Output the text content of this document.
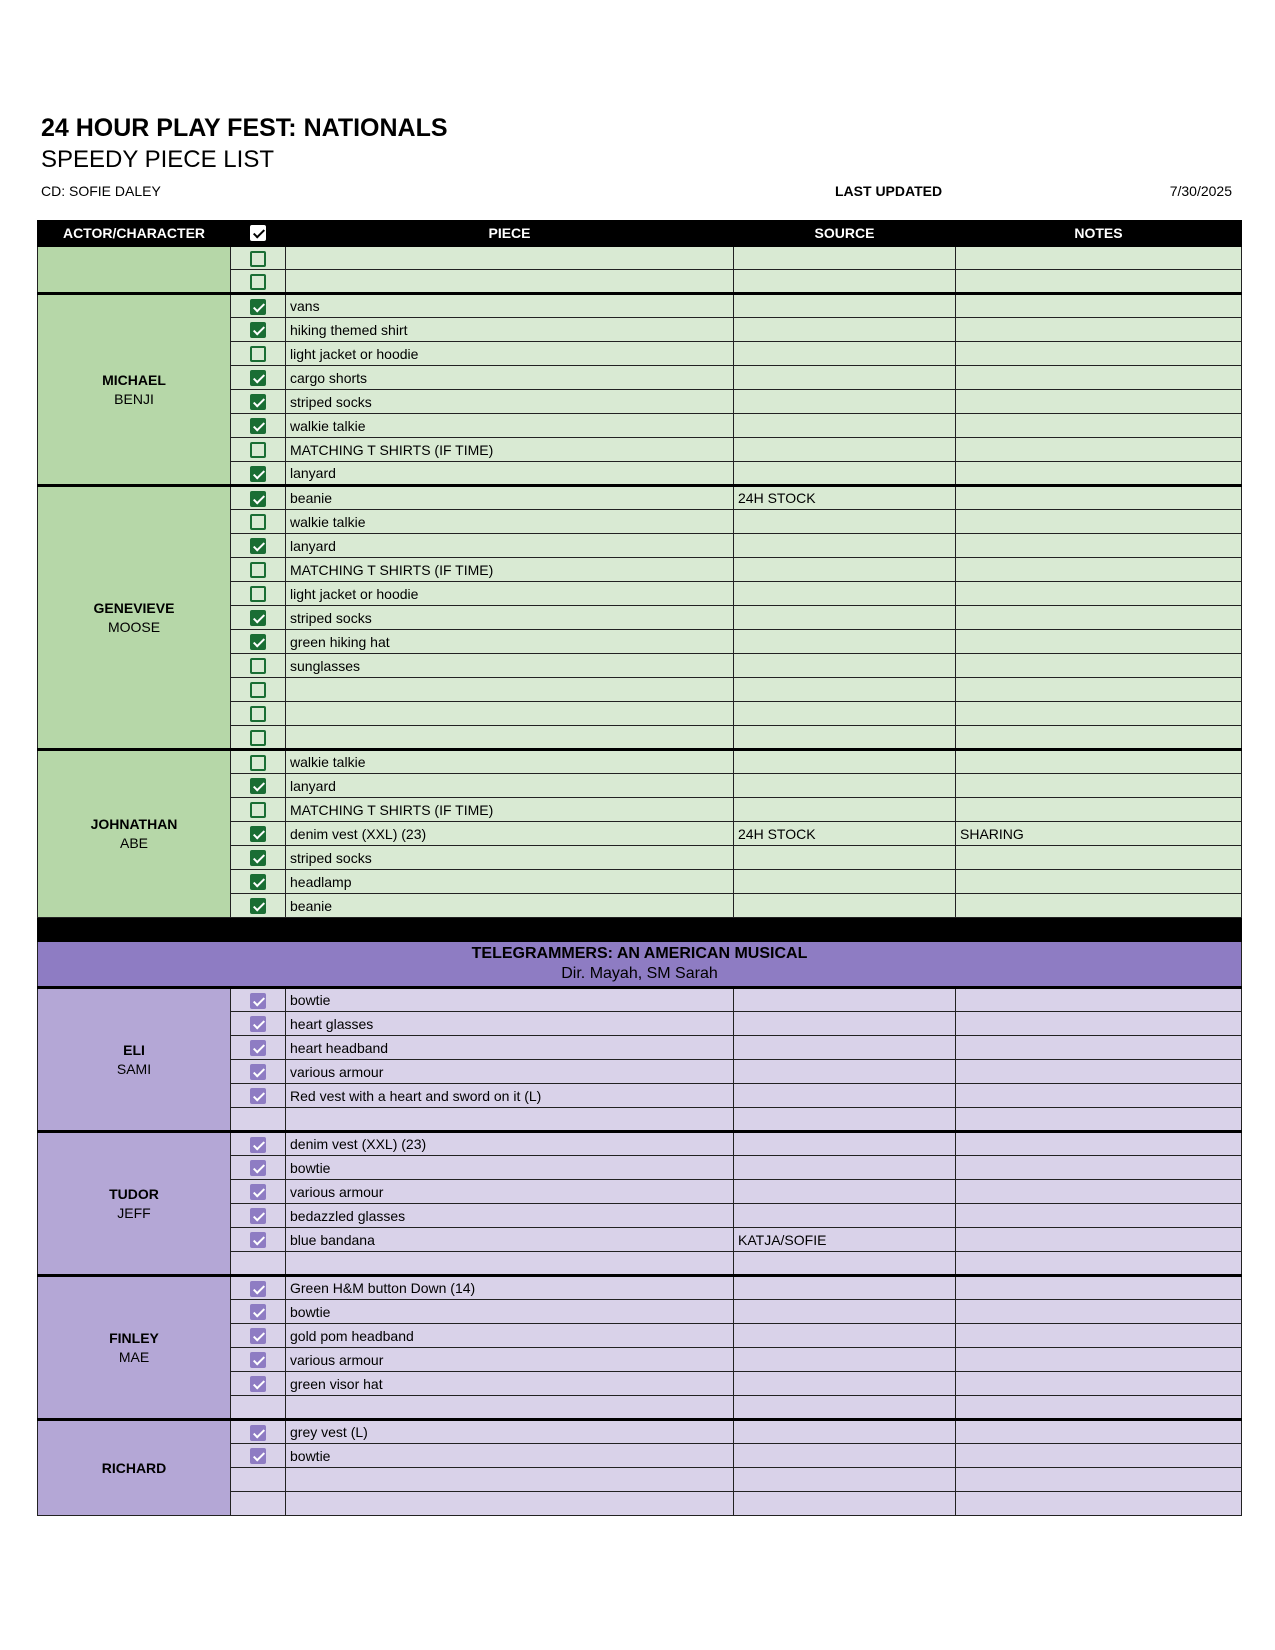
24 HOUR PLAY FEST: NATIONALS
SPEEDY PIECE LIST
CD: SOFIE DALEY	LAST UPDATED	7/30/2025
ACTOR/CHARACTER		PIECE	SOURCE	NOTES

MICHAEL
BENJI		vans		
		hiking themed shirt		
		light jacket or hoodie		
		cargo shorts		
		striped socks		
		walkie talkie		
		MATCHING T SHIRTS (IF TIME)		
		lanyard		

GENEVIEVE
MOOSE		beanie	24H STOCK	
		walkie talkie		
		lanyard		
		MATCHING T SHIRTS (IF TIME)		
		light jacket or hoodie		
		striped socks		
		green hiking hat		
		sunglasses		

JOHNATHAN
ABE		walkie talkie		
		lanyard		
		MATCHING T SHIRTS (IF TIME)		
		denim vest (XXL) (23)	24H STOCK	SHARING
		striped socks		
		headlamp		
		beanie		

TELEGRAMMERS: AN AMERICAN MUSICAL
Dir. Mayah, SM Sarah				

ELI
SAMI		bowtie		
		heart glasses		
		heart headband		
		various armour		
		Red vest with a heart and sword on it (L)		

TUDOR
JEFF		denim vest (XXL) (23)		
		bowtie		
		various armour		
		bedazzled glasses		
		blue bandana	KATJA/SOFIE	

FINLEY
MAE		Green H&M button Down (14)		
		bowtie		
		gold pom headband		
		various armour		
		green visor hat		

RICHARD		grey vest (L)		
		bowtie		
